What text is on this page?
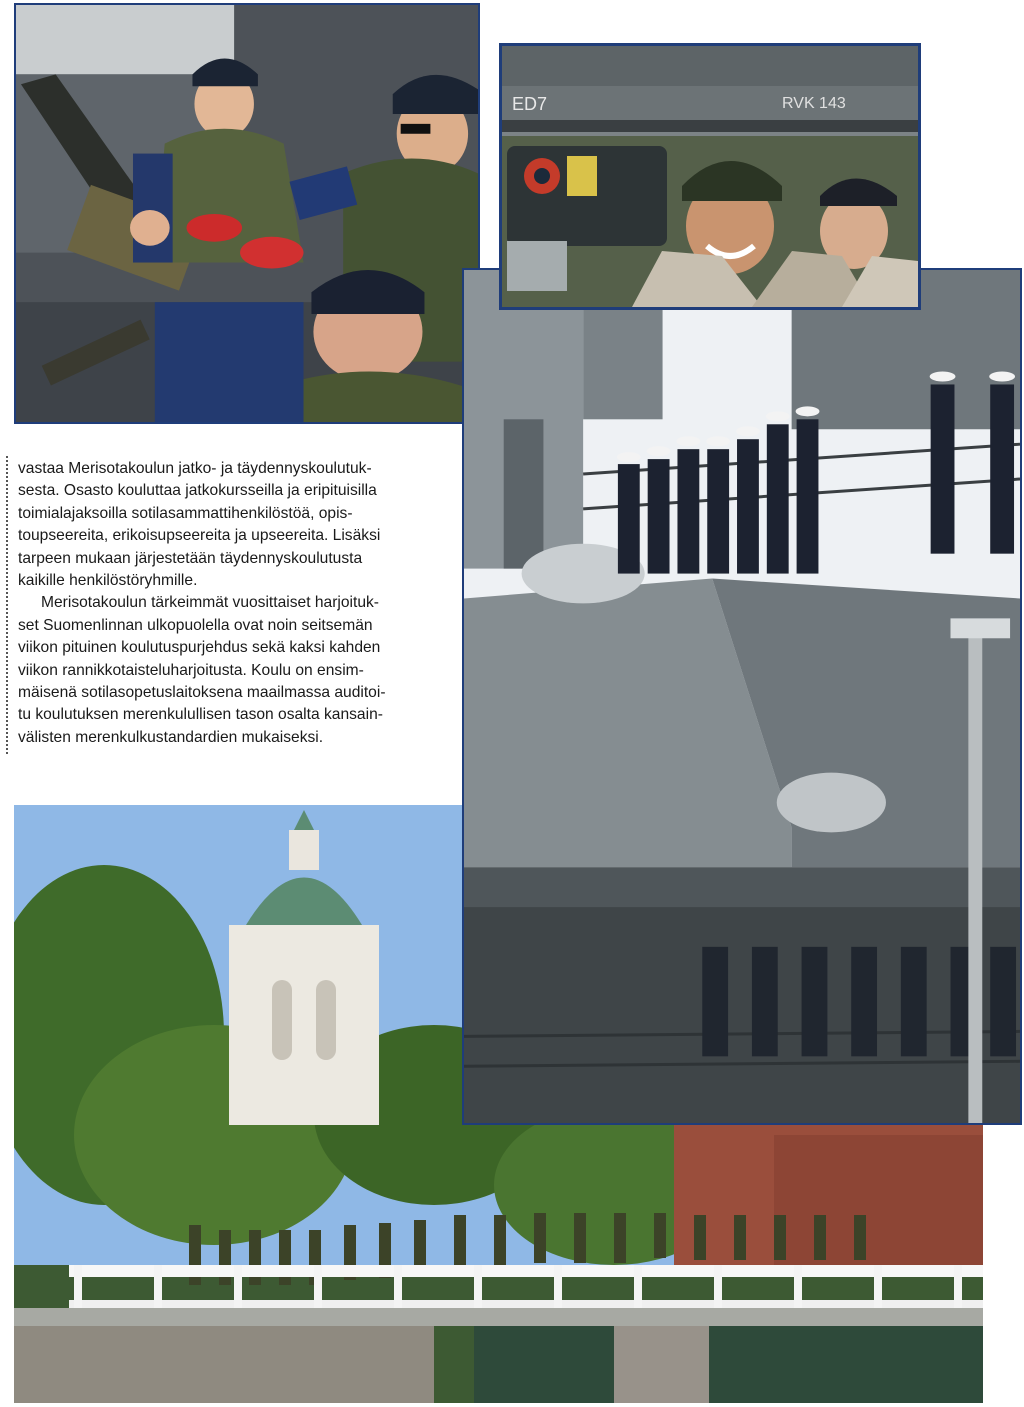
ED7	RVK 143

vastaa Merisotakoulun jatko- ja täydennyskoulutuk-
sesta. Osasto kouluttaa jatkokursseilla ja eripituisilla
toimialajaksoilla sotilasammattihenkilöstöä, opis-
toupseereita, erikoisupseereita ja upseereita. Lisäksi
tarpeen mukaan järjestetään täydennyskoulutusta
kaikille henkilöstöryhmille.

Merisotakoulun tärkeimmät vuosittaiset harjoituk-
set Suomenlinnan ulkopuolella ovat noin seitsemän
viikon pituinen koulutuspurjehdus sekä kaksi kahden
viikon rannikkotaisteluharjoitusta. Koulu on ensim-
mäisenä sotilasopetuslaitoksena maailmassa auditoi-
tu koulutuksen merenkulullisen tason osalta kansain-
välisten merenkulkustandardien mukaiseksi.
